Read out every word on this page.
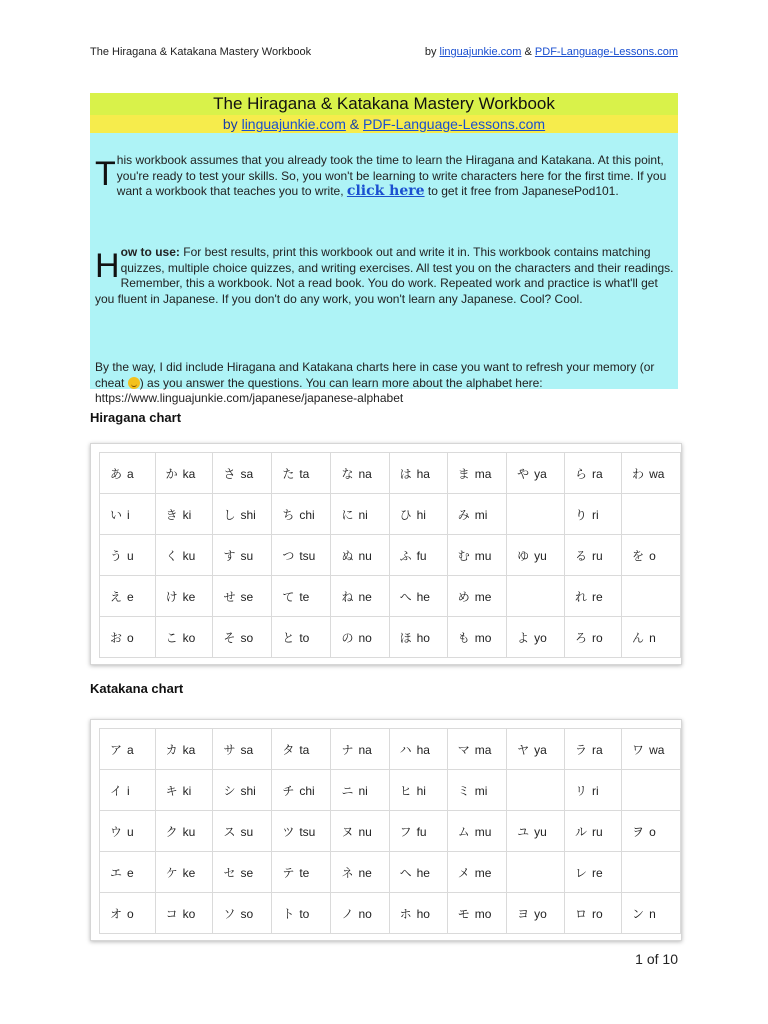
The Hiragana & Katakana Mastery Workbook	by linguajunkie.com & PDF-Language-Lessons.com
The Hiragana & Katakana Mastery Workbook
by linguajunkie.com & PDF-Language-Lessons.com

This workbook assumes that you already took the time to learn the Hiragana and Katakana. At this point, you're ready to test your skills. So, you won't be learning to write characters here for the first time. If you want a workbook that teaches you to write, click here to get it free from JapanesePod101.

How to use: For best results, print this workbook out and write it in. This workbook contains matching quizzes, multiple choice quizzes, and writing exercises. All test you on the characters and their readings. Remember, this a workbook. Not a read book. You do work. Repeated work and practice is what'll get you fluent in Japanese. If you don't do any work, you won't learn any Japanese. Cool? Cool.

By the way, I did include Hiragana and Katakana charts here in case you want to refresh your memory (or cheat ) as you answer the questions. You can learn more about the alphabet here: https://www.linguajunkie.com/japanese/japanese-alphabet

Hiragana chart
あ a	か ka	さ sa	た ta	な na	は ha	ま ma	や ya	ら ra	わ wa
い i	き ki	し shi	ち chi	に ni	ひ hi	み mi		り ri	
う u	く ku	す su	つ tsu	ぬ nu	ふ fu	む mu	ゆ yu	る ru	を o
え e	け ke	せ se	て te	ね ne	へ he	め me		れ re	
お o	こ ko	そ so	と to	の no	ほ ho	も mo	よ yo	ろ ro	ん n
Katakana chart
ア a	カ ka	サ sa	タ ta	ナ na	ハ ha	マ ma	ヤ ya	ラ ra	ワ wa
イ i	キ ki	シ shi	チ chi	ニ ni	ヒ hi	ミ mi		リ ri	
ウ u	ク ku	ス su	ツ tsu	ヌ nu	フ fu	ム mu	ユ yu	ル ru	ヲ o
エ e	ケ ke	セ se	テ te	ネ ne	ヘ he	メ me		レ re	
オ o	コ ko	ソ so	ト to	ノ no	ホ ho	モ mo	ヨ yo	ロ ro	ン n
1 of 10
